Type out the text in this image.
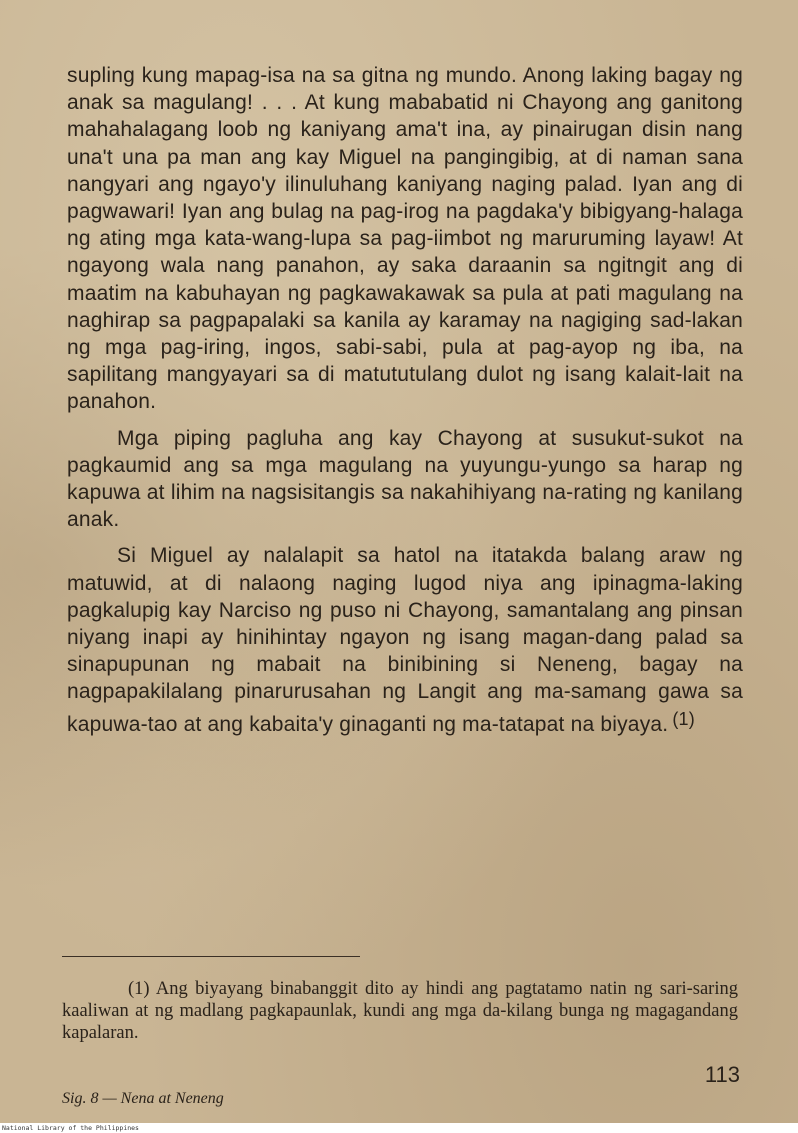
supling kung mapag-isa na sa gitna ng mundo. Anong laking bagay ng anak sa magulang! . . . At kung mababatid ni Chayong ang ganitong mahahalagang loob ng kaniyang ama't ina, ay pinairugan disin nang una't una pa man ang kay Miguel na pangingibig, at di naman sana nangyari ang ngayo'y ilinuluhang kaniyang naging palad. Iyan ang di pagwawari! Iyan ang bulag na pag-irog na pagdaka'y bibigyang-halaga ng ating mga kata-wang-lupa sa pag-iimbot ng maruruming layaw! At ngayong wala nang panahon, ay saka daraanin sa ngitngit ang di maatim na kabuhayan ng pagkawakawak sa pula at pati magulang na naghirap sa pagpapalaki sa kanila ay karamay na nagiging sad-lakan ng mga pag-iring, ingos, sabi-sabi, pula at pag-ayop ng iba, na sapilitang mangyayari sa di matututulang dulot ng isang kalait-lait na panahon.

Mga piping pagluha ang kay Chayong at susukut-sukot na pagkaumid ang sa mga magulang na yuyungu-yungo sa harap ng kapuwa at lihim na nagsisitangis sa nakahihiyang na-rating ng kanilang anak.

Si Miguel ay nalalapit sa hatol na itatakda balang araw ng matuwid, at di nalaong naging lugod niya ang ipinagma-laking pagkalupig kay Narciso ng puso ni Chayong, samantalang ang pinsan niyang inapi ay hinihintay ngayon ng isang magan-dang palad sa sinapupunan ng mabait na binibining si Neneng, bagay na nagpapakilalang pinarurusahan ng Langit ang ma-samang gawa sa kapuwa-tao at ang kabaita'y ginaganti ng ma-tatapat na biyaya. (1)

(1) Ang biyayang binabanggit dito ay hindi ang pagtatamo natin ng sari-saring kaaliwan at ng madlang pagkapaunlak, kundi ang mga da-kilang bunga ng magagandang kapalaran.

113
Sig. 8 — Nena at Neneng
National Library of the Philippines
